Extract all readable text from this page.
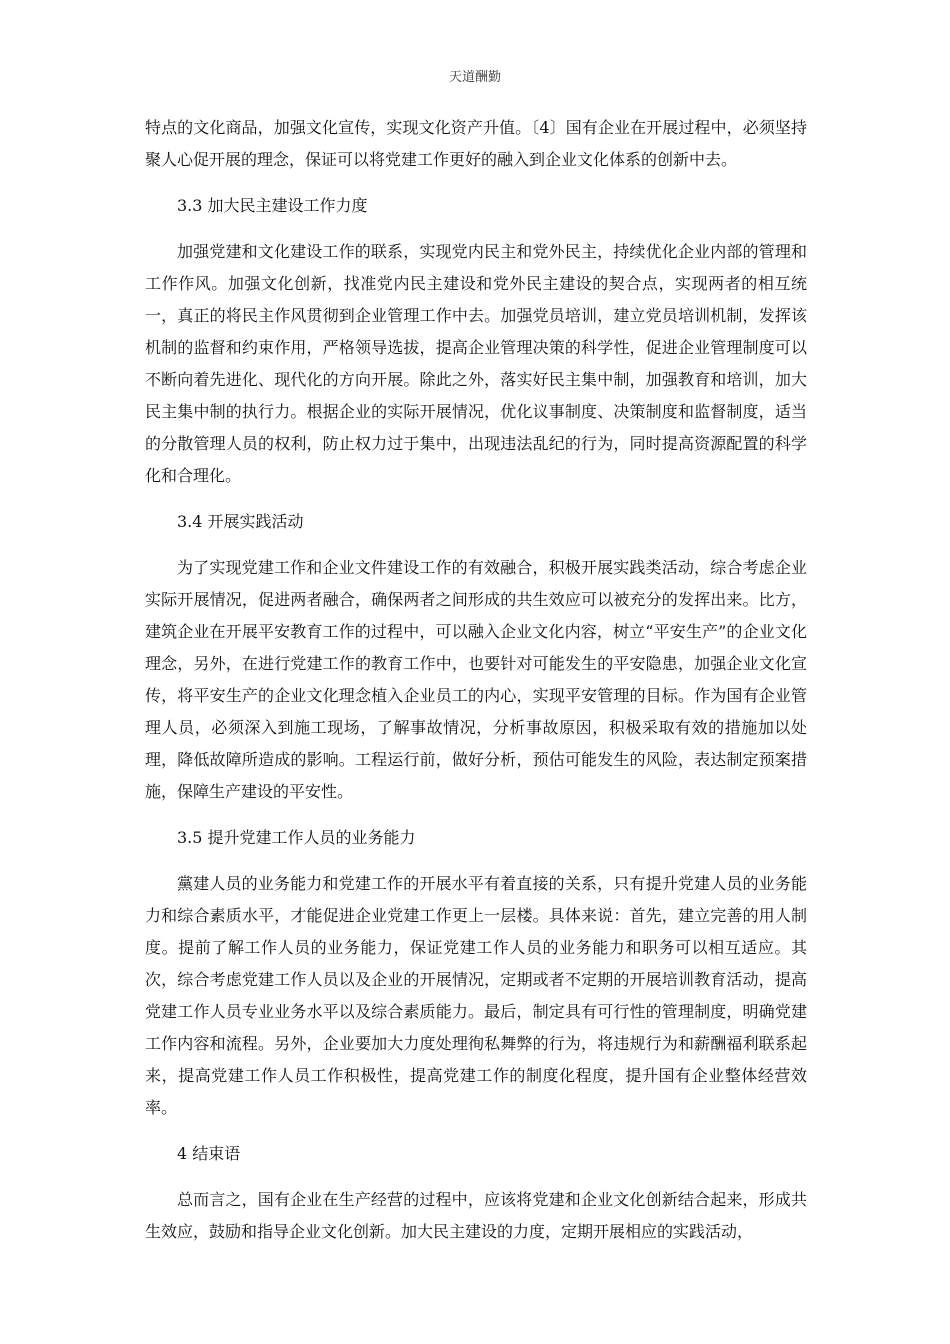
天道酬勤

特点的文化商品，加强文化宣传，实现文化资产升值。〔4〕国有企业在开展过程中，必须坚持聚人心促开展的理念，保证可以将党建工作更好的融入到企业文化体系的创新中去。

3.3 加大民主建设工作力度

加强党建和文化建设工作的联系，实现党内民主和党外民主，持续优化企业内部的管理和工作作风。加强文化创新，找准党内民主建设和党外民主建设的契合点，实现两者的相互统一，真正的将民主作风贯彻到企业管理工作中去。加强党员培训，建立党员培训机制，发挥该机制的监督和约束作用，严格领导选拔，提高企业管理决策的科学性，促进企业管理制度可以不断向着先进化、现代化的方向开展。除此之外，落实好民主集中制，加强教育和培训，加大民主集中制的执行力。根据企业的实际开展情况，优化议事制度、决策制度和监督制度，适当的分散管理人员的权利，防止权力过于集中，出现违法乱纪的行为，同时提高资源配置的科学化和合理化。

3.4 开展实践活动

为了实现党建工作和企业文件建设工作的有效融合，积极开展实践类活动，综合考虑企业实际开展情况，促进两者融合，确保两者之间形成的共生效应可以被充分的发挥出来。比方，建筑企业在开展平安教育工作的过程中，可以融入企业文化内容，树立“平安生产”的企业文化理念，另外，在进行党建工作的教育工作中，也要针对可能发生的平安隐患，加强企业文化宣传，将平安生产的企业文化理念植入企业员工的内心，实现平安管理的目标。作为国有企业管理人员，必须深入到施工现场，了解事故情况，分析事故原因，积极采取有效的措施加以处理，降低故障所造成的影响。工程运行前，做好分析，预估可能发生的风险，表达制定预案措施，保障生产建设的平安性。

3.5 提升党建工作人员的业务能力

黨建人员的业务能力和党建工作的开展水平有着直接的关系，只有提升党建人员的业务能力和综合素质水平，才能促进企业党建工作更上一层楼。具体来说：首先，建立完善的用人制度。提前了解工作人员的业务能力，保证党建工作人员的业务能力和职务可以相互适应。其次，综合考虑党建工作人员以及企业的开展情况，定期或者不定期的开展培训教育活动，提高党建工作人员专业业务水平以及综合素质能力。最后，制定具有可行性的管理制度，明确党建工作内容和流程。另外，企业要加大力度处理徇私舞弊的行为，将违规行为和薪酬福利联系起来，提高党建工作人员工作积极性，提高党建工作的制度化程度，提升国有企业整体经营效率。

4 结束语

总而言之，国有企业在生产经营的过程中，应该将党建和企业文化创新结合起来，形成共生效应，鼓励和指导企业文化创新。加大民主建设的力度，定期开展相应的实践活动，
